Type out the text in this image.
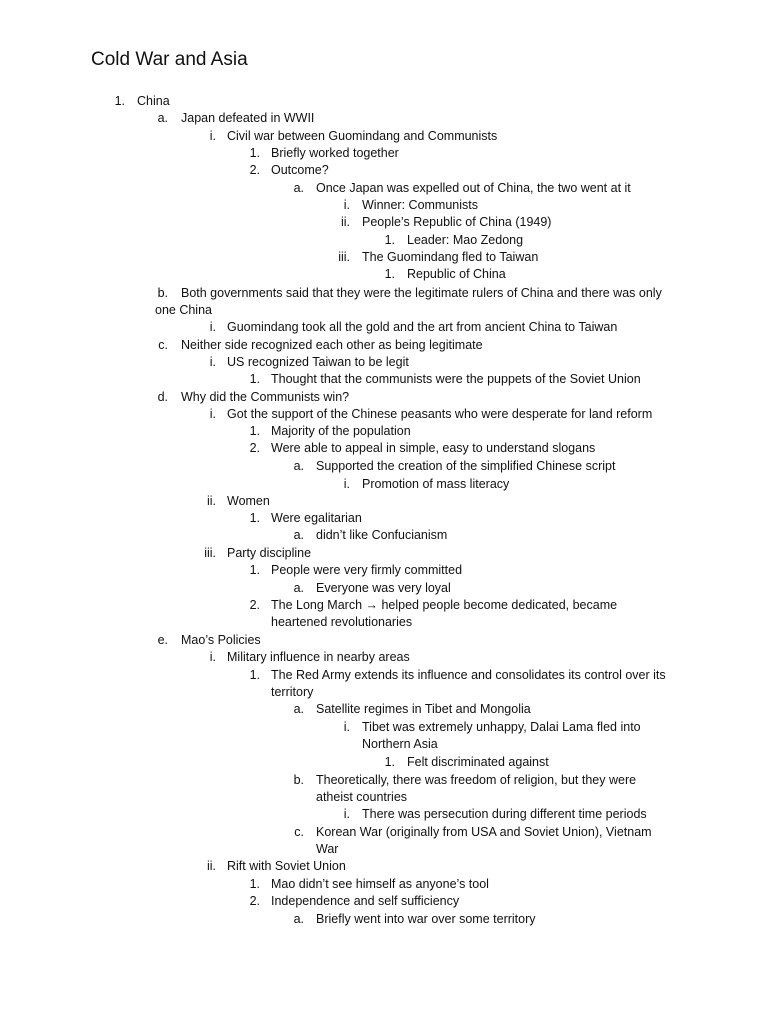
Cold War and Asia
1. China
a. Japan defeated in WWII
i. Civil war between Guomindang and Communists
1. Briefly worked together
2. Outcome?
a. Once Japan was expelled out of China, the two went at it
i. Winner: Communists
ii. People’s Republic of China (1949)
1. Leader: Mao Zedong
iii. The Guomindang fled to Taiwan
1. Republic of China
b. Both governments said that they were the legitimate rulers of China and there was only
one China
i. Guomindang took all the gold and the art from ancient China to Taiwan
c. Neither side recognized each other as being legitimate
i. US recognized Taiwan to be legit
1. Thought that the communists were the puppets of the Soviet Union
d. Why did the Communists win?
i. Got the support of the Chinese peasants who were desperate for land reform
1. Majority of the population
2. Were able to appeal in simple, easy to understand slogans
a. Supported the creation of the simplified Chinese script
i. Promotion of mass literacy
ii. Women
1. Were egalitarian
a. didn’t like Confucianism
iii. Party discipline
1. People were very firmly committed
a. Everyone was very loyal
2. The Long March → helped people become dedicated, became
heartened revolutionaries
e. Mao’s Policies
i. Military influence in nearby areas
1. The Red Army extends its influence and consolidates its control over its
territory
a. Satellite regimes in Tibet and Mongolia
i. Tibet was extremely unhappy, Dalai Lama fled into
Northern Asia
1. Felt discriminated against
b. Theoretically, there was freedom of religion, but they were
atheist countries
i. There was persecution during different time periods
c. Korean War (originally from USA and Soviet Union), Vietnam
War
ii. Rift with Soviet Union
1. Mao didn’t see himself as anyone’s tool
2. Independence and self sufficiency
a. Briefly went into war over some territory
